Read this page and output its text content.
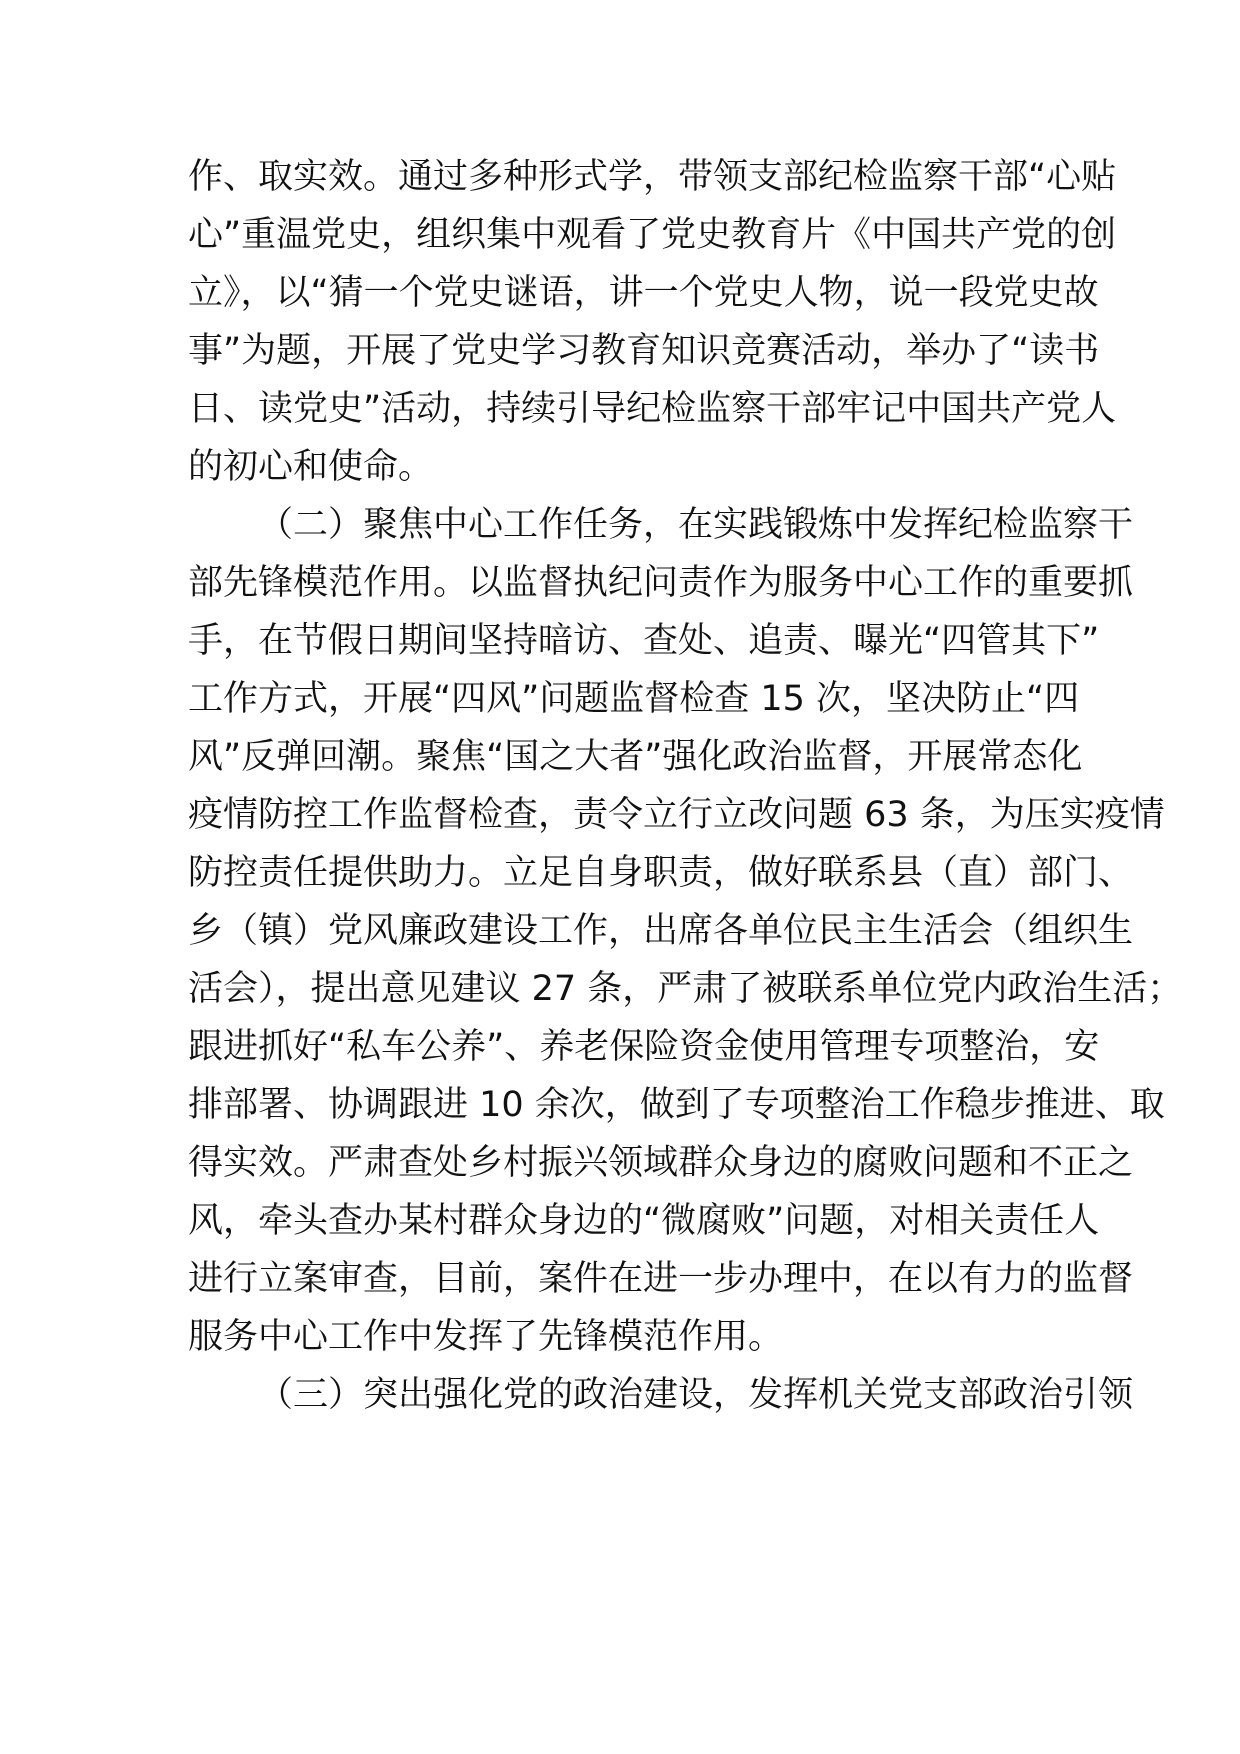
作、取实效。通过多种形式学，带领支部纪检监察干部“心贴
心”重温党史，组织集中观看了党史教育片《中国共产党的创
立》，以“猜一个党史谜语，讲一个党史人物，说一段党史故
事”为题，开展了党史学习教育知识竞赛活动，举办了“读书
日、读党史”活动，持续引导纪检监察干部牢记中国共产党人
的初心和使命。
（二）聚焦中心工作任务，在实践锻炼中发挥纪检监察干
部先锋模范作用。以监督执纪问责作为服务中心工作的重要抓
手，在节假日期间坚持暗访、查处、追责、曝光“四管其下”
工作方式，开展“四风”问题监督检查 15 次，坚决防止“四
风”反弹回潮。聚焦“国之大者”强化政治监督，开展常态化
疫情防控工作监督检查，责令立行立改问题 63 条，为压实疫情
防控责任提供助力。立足自身职责，做好联系县（直）部门、
乡（镇）党风廉政建设工作，出席各单位民主生活会（组织生
活会），提出意见建议 27 条，严肃了被联系单位党内政治生活；
跟进抓好“私车公养”、养老保险资金使用管理专项整治，安
排部署、协调跟进 10 余次，做到了专项整治工作稳步推进、取
得实效。严肃查处乡村振兴领域群众身边的腐败问题和不正之
风，牵头查办某村群众身边的“微腐败”问题，对相关责任人
进行立案审查，目前，案件在进一步办理中，在以有力的监督
服务中心工作中发挥了先锋模范作用。
（三）突出强化党的政治建设，发挥机关党支部政治引领
